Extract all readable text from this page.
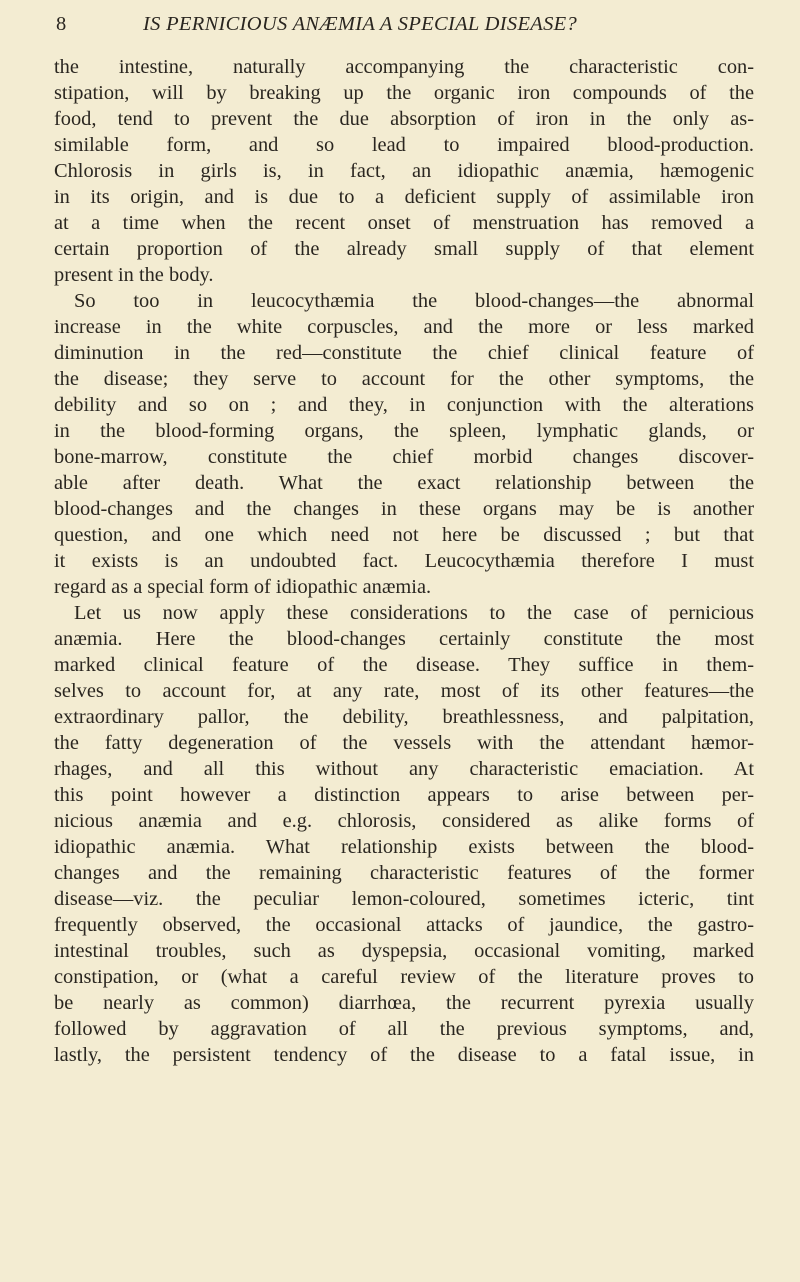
8	IS PERNICIOUS ANÆMIA A SPECIAL DISEASE?
the intestine, naturally accompanying the characteristic con-
stipation, will by breaking up the organic iron compounds of the
food, tend to prevent the due absorption of iron in the only as-
similable form, and so lead to impaired blood-production.
Chlorosis in girls is, in fact, an idiopathic anæmia, hæmogenic
in its origin, and is due to a deficient supply of assimilable iron
at a time when the recent onset of menstruation has removed a
certain proportion of the already small supply of that element
present in the body.
So too in leucocythæmia the blood-changes—the abnormal
increase in the white corpuscles, and the more or less marked
diminution in the red—constitute the chief clinical feature of
the disease; they serve to account for the other symptoms, the
debility and so on ; and they, in conjunction with the alterations
in the blood-forming organs, the spleen, lymphatic glands, or
bone-marrow, constitute the chief morbid changes discover-
able after death. What the exact relationship between the
blood-changes and the changes in these organs may be is another
question, and one which need not here be discussed ; but that
it exists is an undoubted fact. Leucocythæmia therefore I must
regard as a special form of idiopathic anæmia.
Let us now apply these considerations to the case of pernicious
anæmia. Here the blood-changes certainly constitute the most
marked clinical feature of the disease. They suffice in them-
selves to account for, at any rate, most of its other features—the
extraordinary pallor, the debility, breathlessness, and palpitation,
the fatty degeneration of the vessels with the attendant hæmor-
rhages, and all this without any characteristic emaciation. At
this point however a distinction appears to arise between per-
nicious anæmia and e.g. chlorosis, considered as alike forms of
idiopathic anæmia. What relationship exists between the blood-
changes and the remaining characteristic features of the former
disease—viz. the peculiar lemon-coloured, sometimes icteric, tint
frequently observed, the occasional attacks of jaundice, the gastro-
intestinal troubles, such as dyspepsia, occasional vomiting, marked
constipation, or (what a careful review of the literature proves to
be nearly as common) diarrhœa, the recurrent pyrexia usually
followed by aggravation of all the previous symptoms, and,
lastly, the persistent tendency of the disease to a fatal issue, in
